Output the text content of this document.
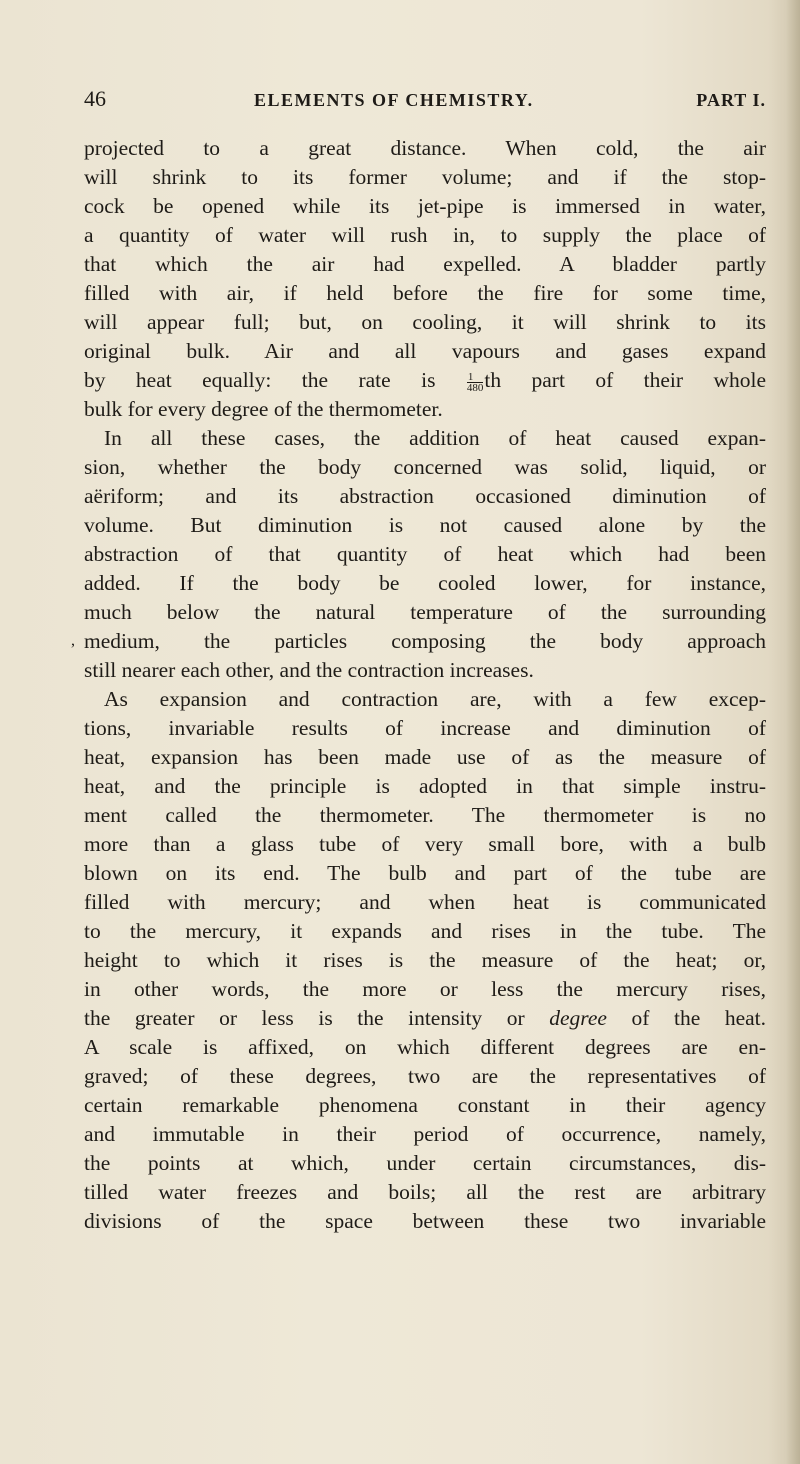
46	ELEMENTS OF CHEMISTRY.	PART I.
,
projected to a great distance. When cold, the air
will shrink to its former volume; and if the stop-
cock be opened while its jet-pipe is immersed in water,
a quantity of water will rush in, to supply the place of
that which the air had expelled. A bladder partly
filled with air, if held before the fire for some time,
will appear full; but, on cooling, it will shrink to its
original bulk. Air and all vapours and gases expand
by heat equally: the rate is	$\frac{1}{480}$ th part of their whole
bulk for every degree of the thermometer.
In all these cases, the addition of heat caused expan-
sion, whether the body concerned was solid, liquid, or
aëriform; and its abstraction occasioned diminution of
volume. But diminution is not caused alone by the
abstraction of that quantity of heat which had been
added. If the body be cooled lower, for instance,
much below the natural temperature of the surrounding
medium, the particles composing the body approach
still nearer each other, and the contraction increases.
As expansion and contraction are, with a few excep-
tions, invariable results of increase and diminution of
heat, expansion has been made use of as the measure of
heat, and the principle is adopted in that simple instru-
ment called the thermometer. The thermometer is no
more than a glass tube of very small bore, with a bulb
blown on its end. The bulb and part of the tube are
filled with mercury; and when heat is communicated
to the mercury, it expands and rises in the tube. The
height to which it rises is the measure of the heat; or,
in other words, the more or less the mercury rises,
the greater or less is the intensity or degree of the heat.
A scale is affixed, on which different degrees are en-
graved; of these degrees, two are the representatives of
certain remarkable phenomena constant in their agency
and immutable in their period of occurrence, namely,
the points at which, under certain circumstances, dis-
tilled water freezes and boils; all the rest are arbitrary
divisions of the space between these two invariable
